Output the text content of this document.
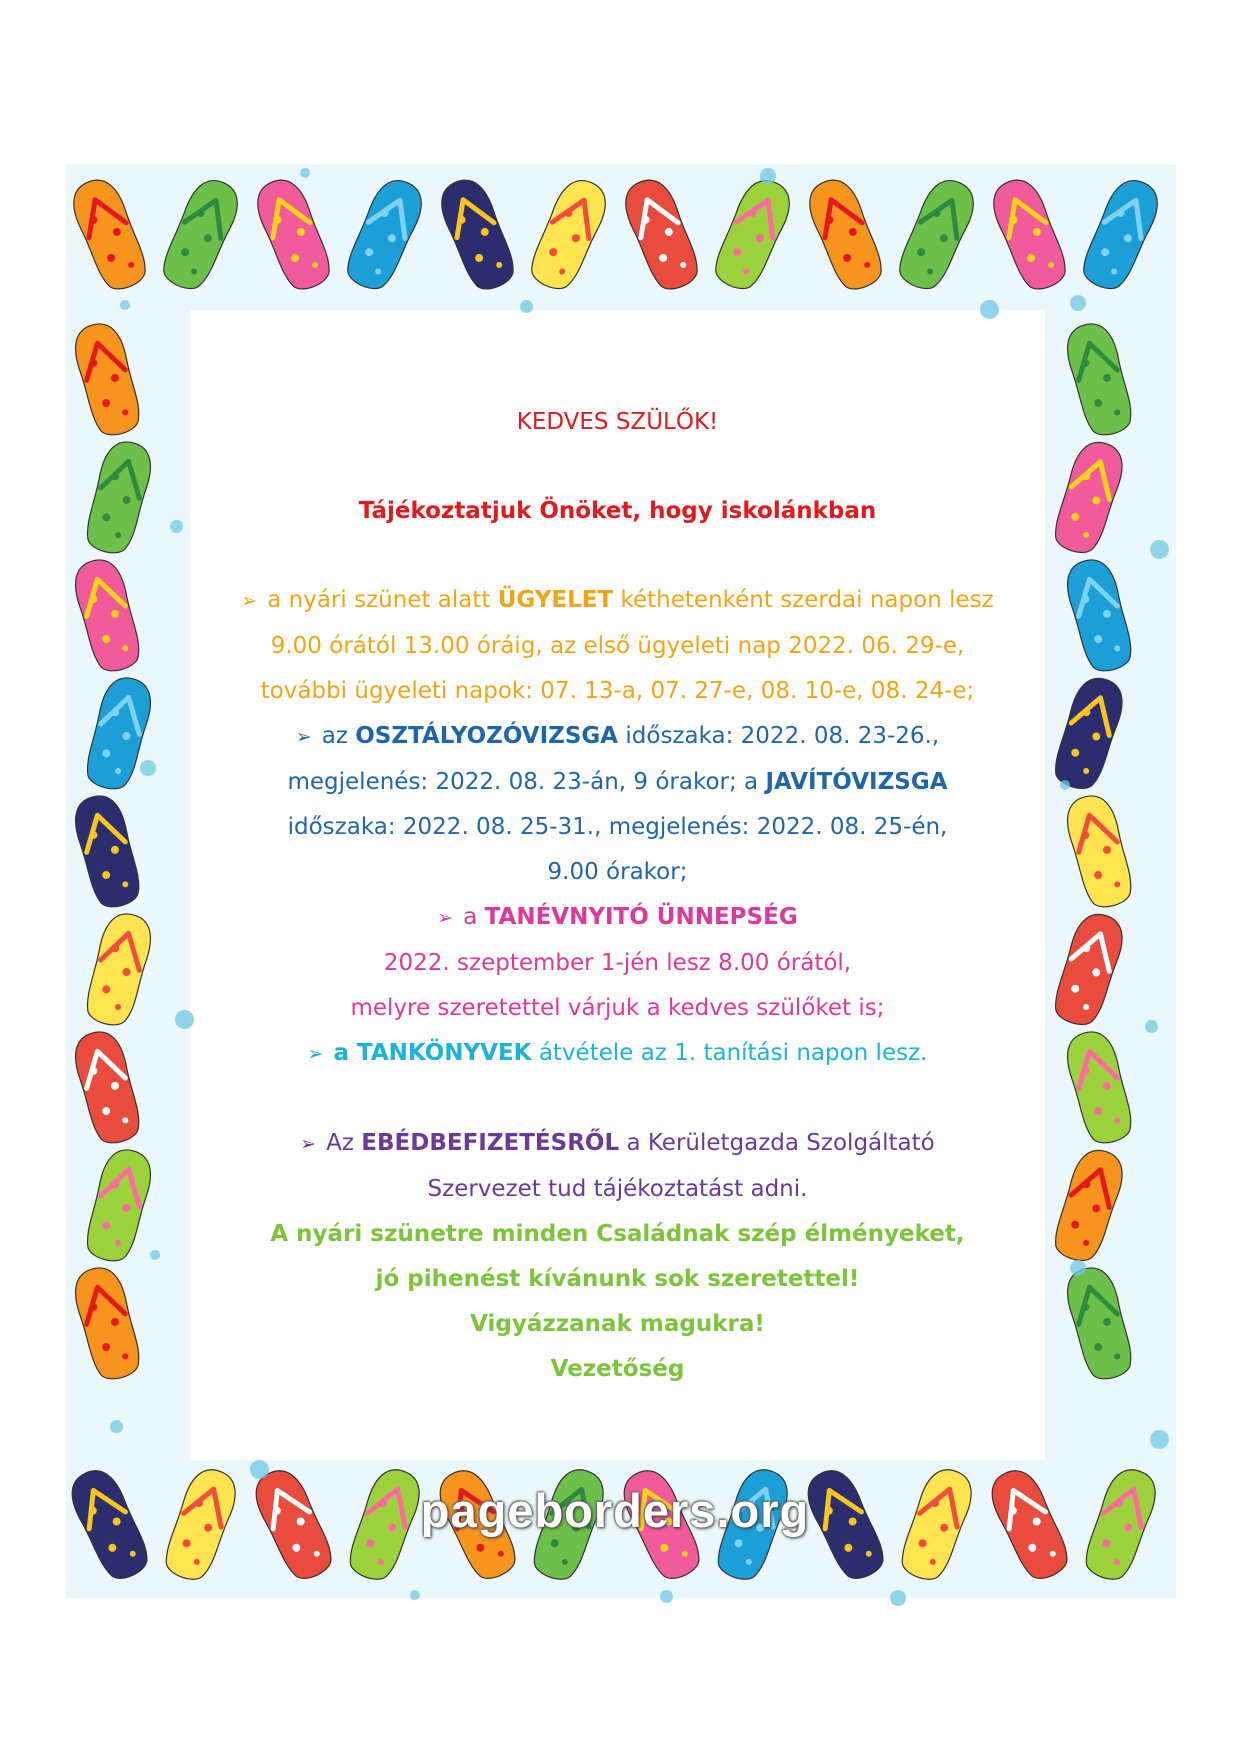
pageborders.org
KEDVES SZÜLŐK!
Tájékoztatjuk Önöket, hogy iskolánkban
➢ a nyári szünet alatt ÜGYELET kéthetenként szerdai napon lesz
9.00 órától 13.00 óráig, az első ügyeleti nap 2022. 06. 29-e,
további ügyeleti napok: 07. 13-a, 07. 27-e, 08. 10-e, 08. 24-e;
➢ az OSZTÁLYOZÓVIZSGA időszaka: 2022. 08. 23-26.,
megjelenés: 2022. 08. 23-án, 9 órakor; a JAVÍTÓVIZSGA
időszaka: 2022. 08. 25-31., megjelenés: 2022. 08. 25-én,
9.00 órakor;
➢ a TANÉVNYITÓ ÜNNEPSÉG
2022. szeptember 1-jén lesz 8.00 órától,
melyre szeretettel várjuk a kedves szülőket is;
➢ a TANKÖNYVEK átvétele az 1. tanítási napon lesz.
➢ Az EBÉDBEFIZETÉSRŐL a Kerületgazda Szolgáltató
Szervezet tud tájékoztatást adni.
A nyári szünetre minden Családnak szép élményeket,
jó pihenést kívánunk sok szeretettel!
Vigyázzanak magukra!
Vezetőség
